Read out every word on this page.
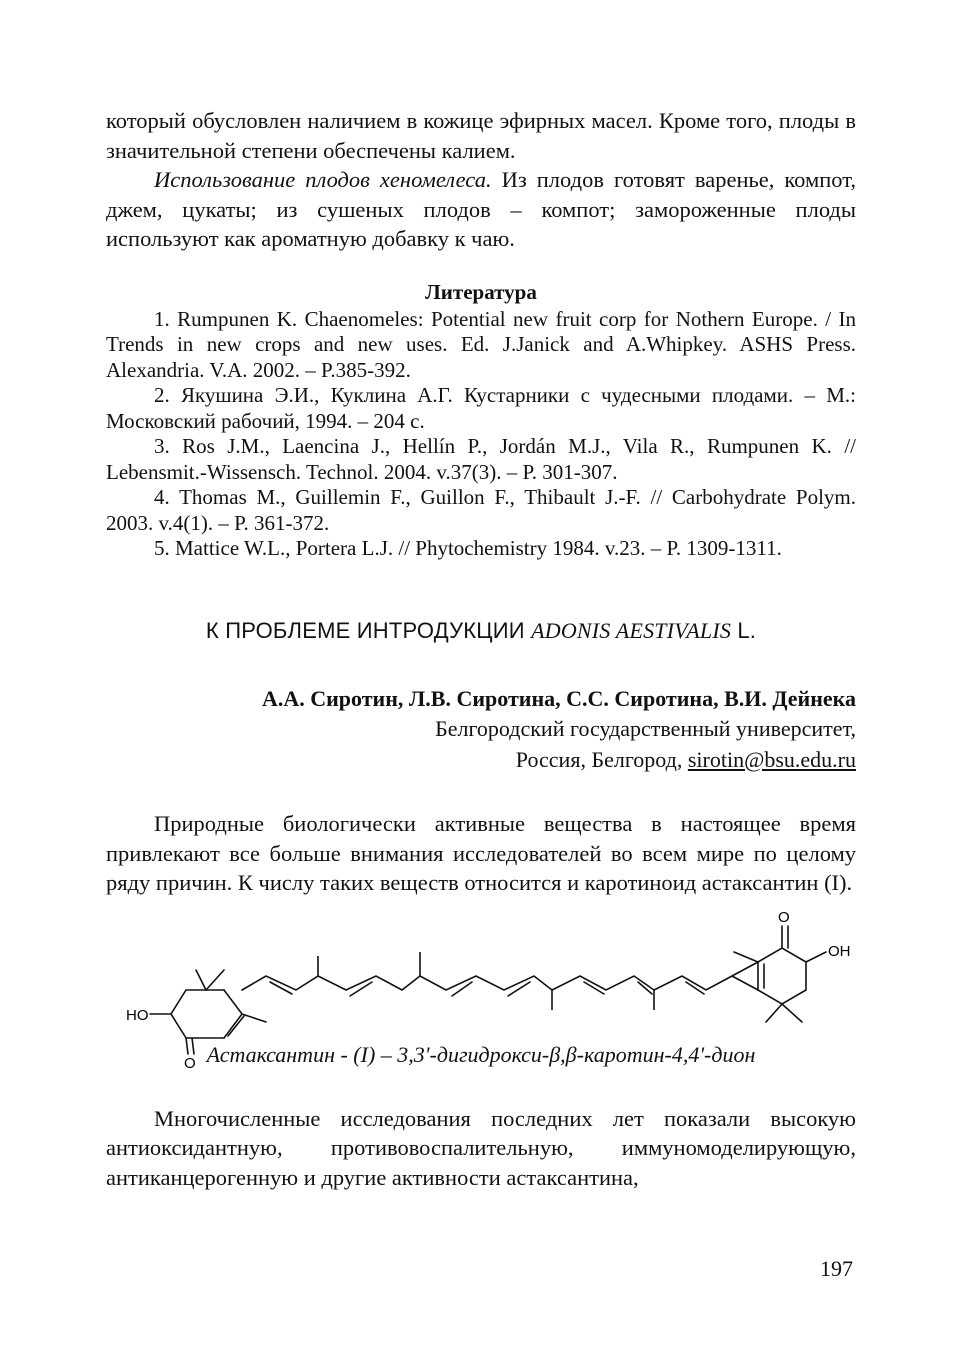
который обусловлен наличием в кожице эфирных масел. Кроме того, плоды в значительной степени обеспечены калием.

Использование плодов хеномелеса. Из плодов готовят варенье, компот, джем, цукаты; из сушеных плодов – компот; замороженные плоды используют как ароматную добавку к чаю.

Литература

1. Rumpunen K. Chaenomeles: Potential new fruit corp for Nothern Europe. / In Trends in new crops and new uses. Ed. J.Janick and A.Whipkey. ASHS Press. Alexandria. V.A. 2002. – P.385-392.

2. Якушина Э.И., Куклина А.Г. Кустарники с чудесными плодами. – М.: Московский рабочий, 1994. – 204 с.

3. Ros J.M., Laencina J., Hellín P., Jordán M.J., Vila R., Rumpunen K. // Lebensmit.-Wissensch. Technol. 2004. v.37(3). – P. 301-307.

4. Thomas M., Guillemin F., Guillon F., Thibault J.-F. // Carbohydrate Polym. 2003. v.4(1). – P. 361-372.

5. Mattice W.L., Portera L.J. // Phytochemistry 1984. v.23. – P. 1309-1311.

К ПРОБЛЕМЕ ИНТРОДУКЦИИ ADONIS AESTIVALIS L.
А.А. Сиротин, Л.В. Сиротина, С.С. Сиротина, В.И. Дейнека
Белгородский государственный университет,
Россия, Белгород, sirotin@bsu.edu.ru

Природные биологически активные вещества в настоящее время привлекают все больше внимания исследователей во всем мире по целому ряду причин. К числу таких веществ относится и каротиноид астаксантин (I).

HO
O
O
OH
Астаксантин - (I) – 3,3'-дигидрокси-β,β-каротин-4,4'-дион

Многочисленные исследования последних лет показали высокую антиоксидантную, противовоспалительную, иммуномоделирующую, антиканцерогенную и другие активности астаксантина,

197
